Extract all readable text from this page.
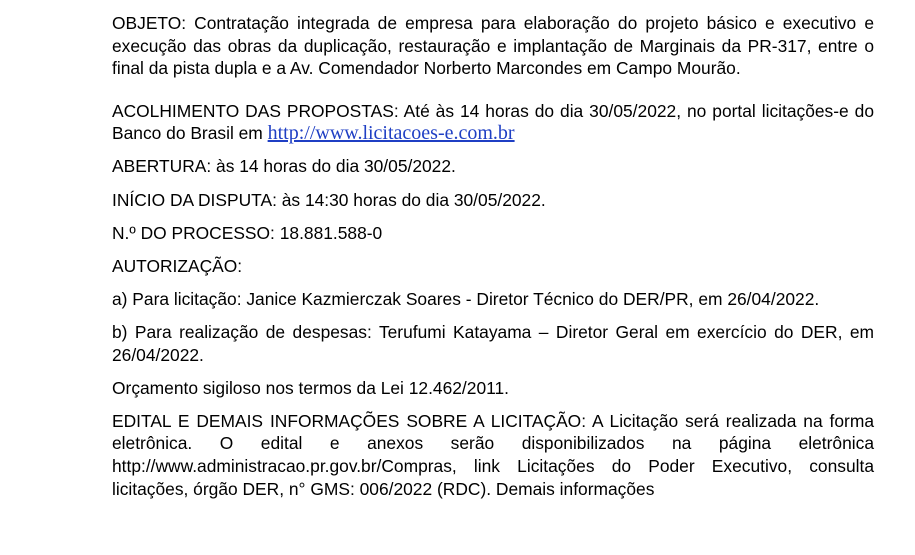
OBJETO: Contratação integrada de empresa para elaboração do projeto básico e executivo e execução das obras da duplicação, restauração e implantação de Marginais da PR-317, entre o final da pista dupla e a Av. Comendador Norberto Marcondes em Campo Mourão.

ACOLHIMENTO DAS PROPOSTAS: Até às 14 horas do dia 30/05/2022, no portal licitações-e do Banco do Brasil em http://www.licitacoes-e.com.br

ABERTURA: às 14 horas do dia 30/05/2022.

INÍCIO DA DISPUTA: às 14:30 horas do dia 30/05/2022.

N.º DO PROCESSO: 18.881.588-0

AUTORIZAÇÃO:

a) Para licitação: Janice Kazmierczak Soares - Diretor Técnico do DER/PR, em 26/04/2022.

b) Para realização de despesas: Terufumi Katayama – Diretor Geral em exercício do DER, em 26/04/2022.

Orçamento sigiloso nos termos da Lei 12.462/2011.

EDITAL E DEMAIS INFORMAÇÕES SOBRE A LICITAÇÃO: A Licitação será realizada na forma eletrônica. O edital e anexos serão disponibilizados na página eletrônica http://www.administracao.pr.gov.br/Compras, link Licitações do Poder Executivo, consulta licitações, órgão DER, n° GMS: 006/2022 (RDC). Demais informações
